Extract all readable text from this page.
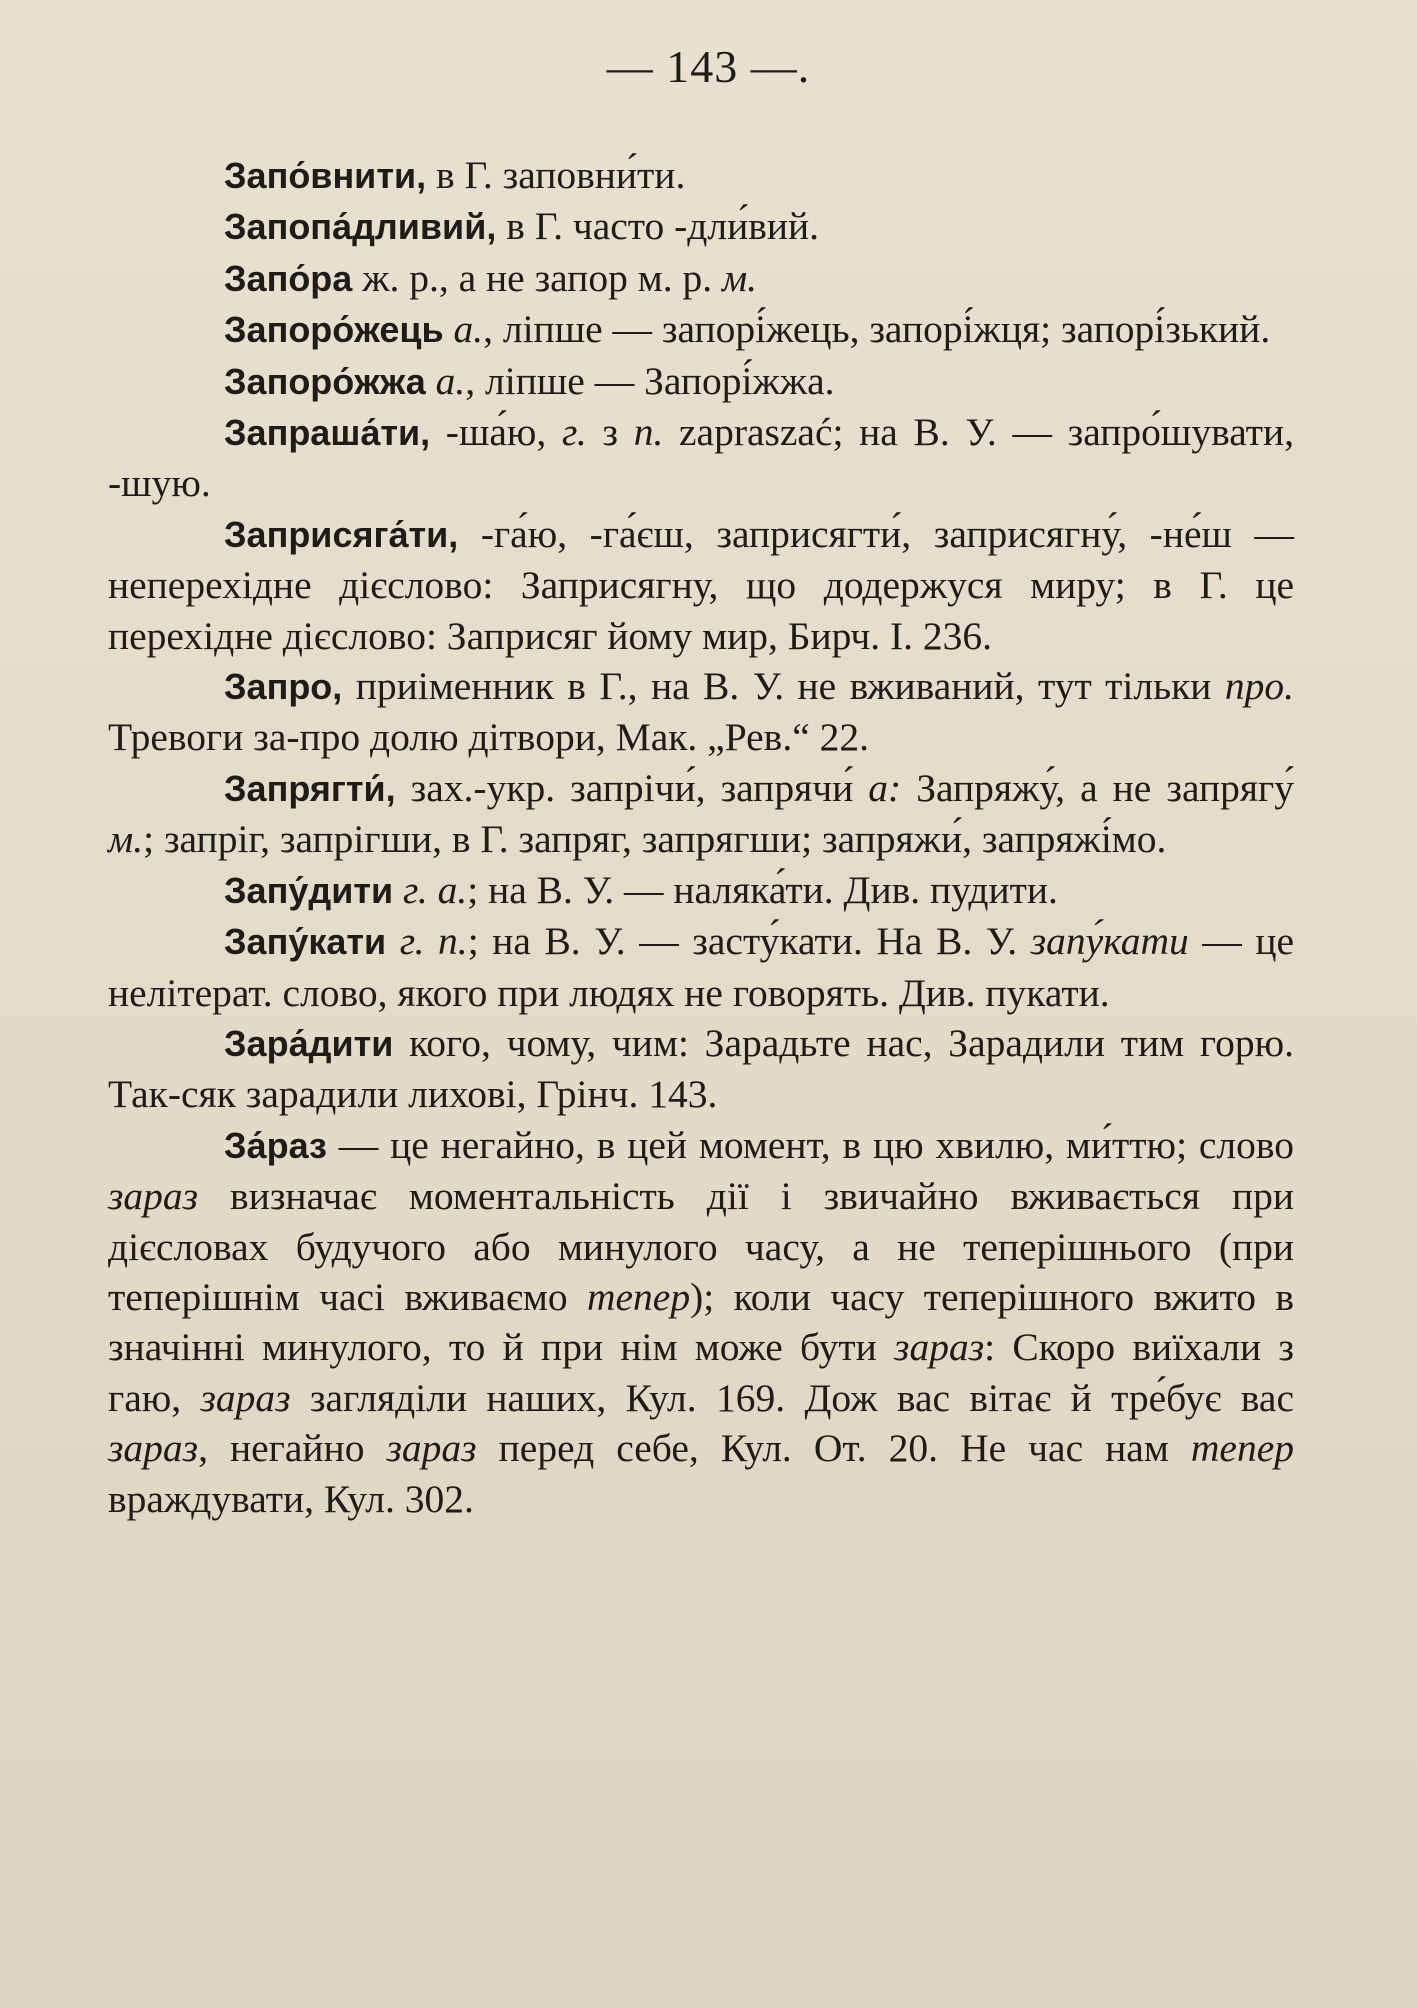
— 143 —.

Запо́внити, в Г. заповни́ти.

Запопа́дливий, в Г. часто -дли́вий.

Запо́ра ж. р., а не запор м. р. м.

Запоро́жець а., ліпше — запорі́жець, запорі́жця; запорі́зький.

Запоро́жжа а., ліпше — Запорі́жжа.

Запраша́ти, -ша́ю, г. з п. zapraszać; на В. У. — запро́шувати, -шую.

Заприсяга́ти, -га́ю, -га́єш, заприсягти́, заприсягну́, -не́ш — неперехідне дієслово: Заприсягну, що додержуся миру; в Г. це перехідне дієслово: Заприсяг йому мир, Бирч. І. 236.

Запро, приіменник в Г., на В. У. не вживаний, тут тільки про. Тревоги за-про долю дітвори, Мак. „Рев.“ 22.

Запрягти́, зах.-укр. запрічи́, запрячи́ а: Запряжу́, а не запрягу́ м.; запріг, запрігши, в Г. запряг, запрягши; запряжи́, запряжі́мо.

Запу́дити г. а.; на В. У. — наляка́ти. Див. пудити.

Запу́кати г. п.; на В. У. — засту́кати. На В. У. запу́кати — це нелітерат. слово, якого при людях не говорять. Див. пукати.

Зара́дити кого, чому, чим: Зарадьте нас, Зарадили тим горю. Так-сяк зарадили лихові, Грінч. 143.

За́раз — це негайно, в цей момент, в цю хвилю, ми́ттю; слово зараз визначає моментальність дії і звичайно вживається при дієсловах будучого або минулого часу, а не теперішнього (при теперішнім часі вживаємо тепер); коли часу теперішного вжито в значінні минулого, то й при нім може бути зараз: Скоро виїхали з гаю, зараз загляділи наших, Кул. 169. Дож вас вітає й тре́бує вас зараз, негайно зараз перед себе, Кул. От. 20. Не час нам тепер враждувати, Кул. 302.
